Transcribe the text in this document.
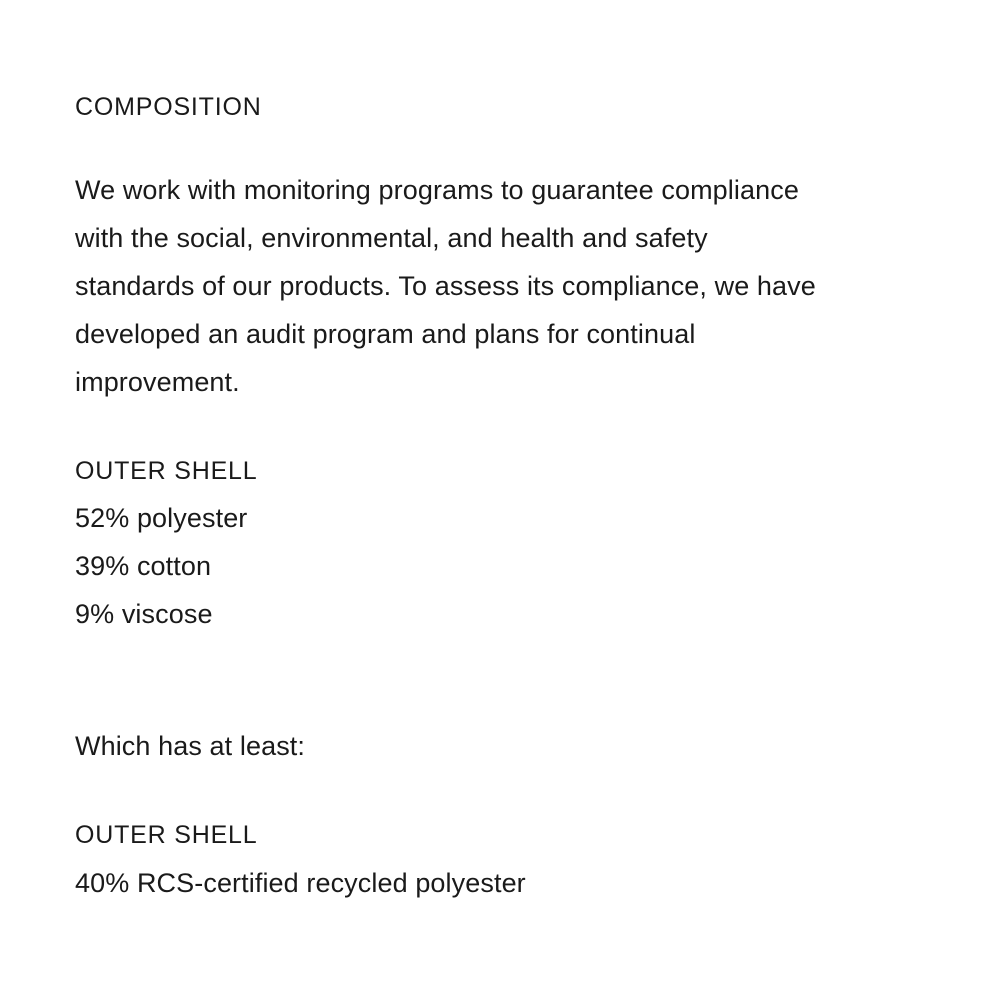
COMPOSITION
We work with monitoring programs to guarantee compliance
with the social, environmental, and health and safety
standards of our products. To assess its compliance, we have
developed an audit program and plans for continual
improvement.
OUTER SHELL
52% polyester
39% cotton
9% viscose
Which has at least:
OUTER SHELL
40% RCS-certified recycled polyester
